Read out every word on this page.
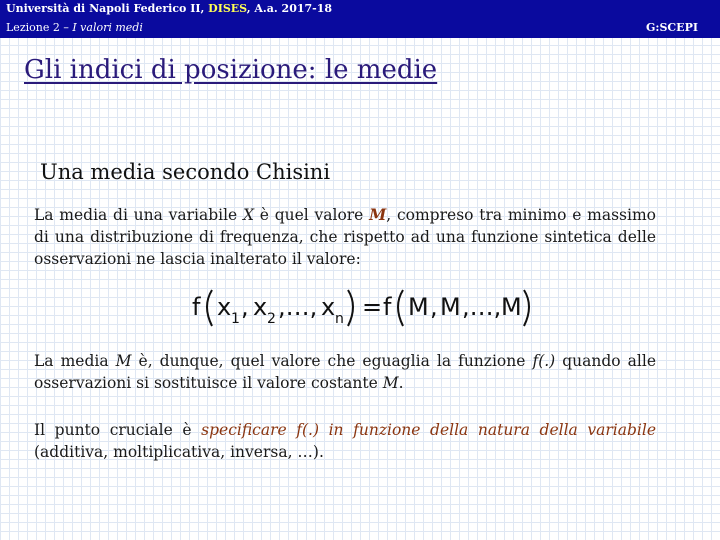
Università di Napoli Federico II, DISES, A.a. 2017-18
Lezione 2 – I valori medi	G:SCEPI
Gli indici di posizione: le medie
Una media secondo Chisini

La media di una variabile X è quel valore M, compreso tra minimo e massimo di una distribuzione di frequenza, che rispetto ad una funzione sintetica delle osservazioni ne lascia inalterato il valore:

f x 1 , x 2 ,…, x n = f M , M ,…, M

La media M è, dunque, quel valore che eguaglia la funzione f(.) quando alle osservazioni si sostituisce il valore costante M.

Il punto cruciale è specificare f(.) in funzione della natura della variabile (additiva, moltiplicativa, inversa, …).
